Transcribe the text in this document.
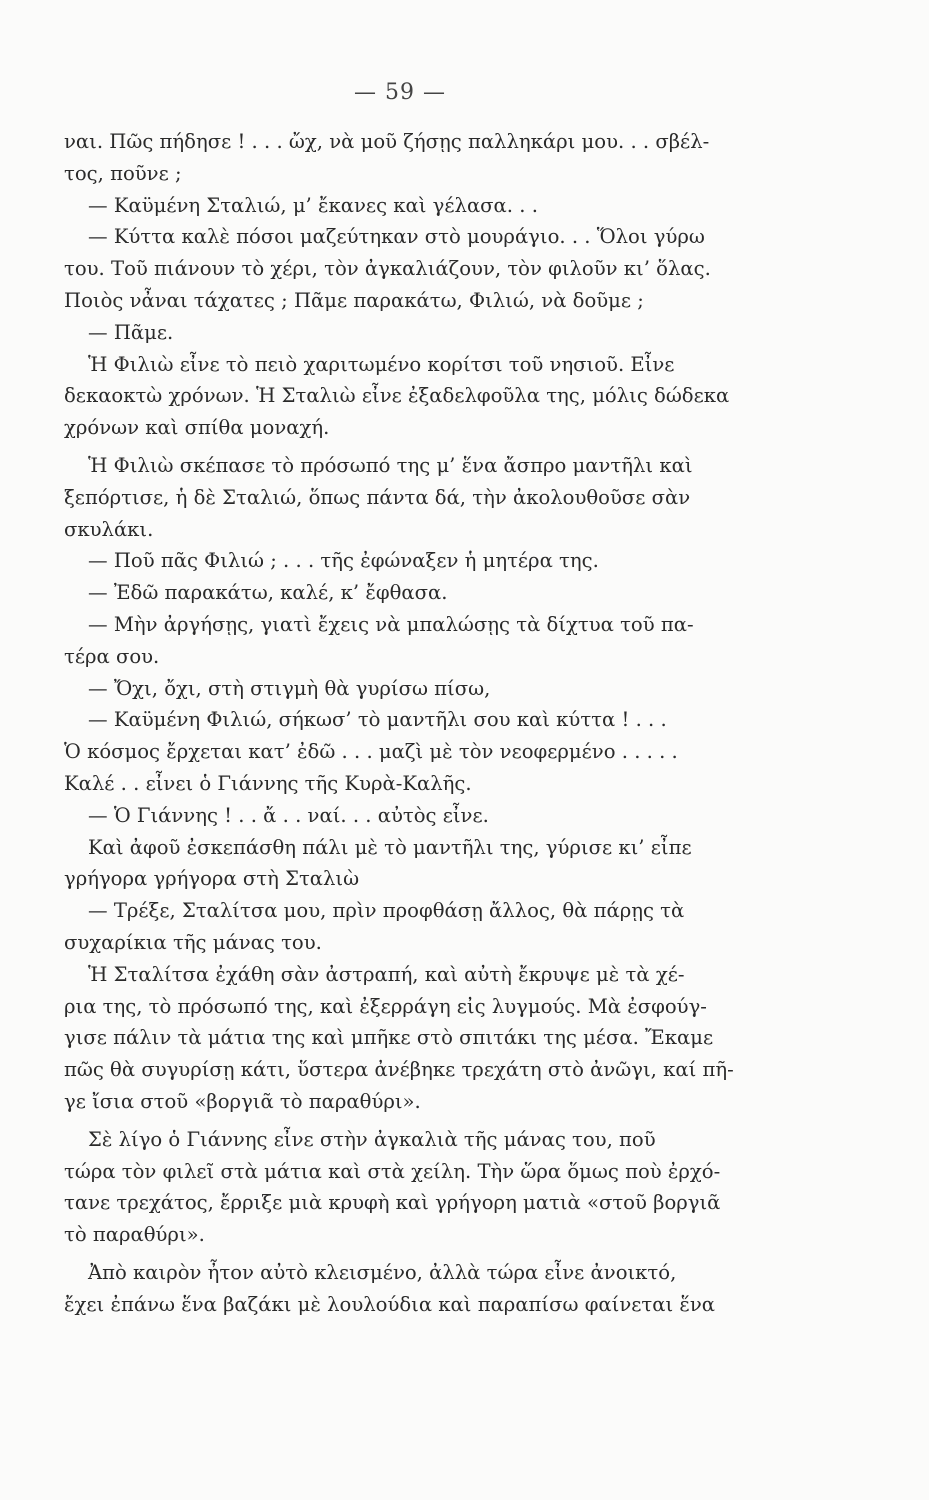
— 59 —
ναι. Πῶς πήδησε ! . . . ὤχ, νὰ μοῦ ζήσῃς παλληκάρι μου. . . σβέλ-
τος, ποῦνε ;
— Καϋμένη Σταλιώ, μ’ ἔκανες καὶ γέλασα. . .
— Κύττα καλὲ πόσοι μαζεύτηκαν στὸ μουράγιο. . . Ὅλοι γύρω
του. Τοῦ πιάνουν τὸ χέρι, τὸν ἀγκαλιάζουν, τὸν φιλοῦν κι’ ὅλας.
Ποιὸς νἆναι τάχατες ; Πᾶμε παρακάτω, Φιλιώ, νὰ δοῦμε ;
— Πᾶμε.
Ἡ Φιλιὼ εἶνε τὸ πειὸ χαριτωμένο κορίτσι τοῦ νησιοῦ. Εἶνε
δεκαοκτὼ χρόνων. Ἡ Σταλιὼ εἶνε ἐξαδελφοῦλα της, μόλις δώδεκα
χρόνων καὶ σπίθα μοναχή.
Ἡ Φιλιὼ σκέπασε τὸ πρόσωπό της μ’ ἕνα ἄσπρο μαντῆλι καὶ
ξεπόρτισε, ἡ δὲ Σταλιώ, ὅπως πάντα δά, τὴν ἀκολουθοῦσε σὰν
σκυλάκι.
— Ποῦ πᾶς Φιλιώ ; . . . τῆς ἐφώναξεν ἡ μητέρα της.
— Ἐδῶ παρακάτω, καλέ, κ’ ἔφθασα.
— Μὴν ἀργήσῃς, γιατὶ ἔχεις νὰ μπαλώσῃς τὰ δίχτυα τοῦ πα-
τέρα σου.
— Ὄχι, ὄχι, στὴ στιγμὴ θὰ γυρίσω πίσω,
— Καϋμένη Φιλιώ, σήκωσ’ τὸ μαντῆλι σου καὶ κύττα ! . . .
Ὁ κόσμος ἔρχεται κατ’ ἐδῶ . . . μαζὶ μὲ τὸν νεοφερμένο . . . . .
Καλέ . . εἶνει ὁ Γιάννης τῆς Κυρὰ-Καλῆς.
— Ὁ Γιάννης ! . . ἄ . . ναί. . . αὐτὸς εἶνε.
Καὶ ἀφοῦ ἐσκεπάσθη πάλι μὲ τὸ μαντῆλι της, γύρισε κι’ εἶπε
γρήγορα γρήγορα στὴ Σταλιὼ
— Τρέξε, Σταλίτσα μου, πρὶν προφθάσῃ ἄλλος, θὰ πάρῃς τὰ
συχαρίκια τῆς μάνας του.
Ἡ Σταλίτσα ἐχάθη σὰν ἀστραπή, καὶ αὐτὴ ἔκρυψε μὲ τὰ χέ-
ρια της, τὸ πρόσωπό της, καὶ ἐξερράγη εἰς λυγμούς. Μὰ ἐσφούγ-
γισε πάλιν τὰ μάτια της καὶ μπῆκε στὸ σπιτάκι της μέσα. Ἔκαμε
πῶς θὰ συγυρίσῃ κάτι, ὕστερα ἀνέβηκε τρεχάτη στὸ ἀνῶγι, καί πῆ-
γε ἴσια στοῦ «βοργιᾶ τὸ παραθύρι».
Σὲ λίγο ὁ Γιάννης εἶνε στὴν ἀγκαλιὰ τῆς μάνας του, ποῦ
τώρα τὸν φιλεῖ στὰ μάτια καὶ στὰ χείλη. Τὴν ὥρα ὅμως ποὺ ἐρχό-
τανε τρεχάτος, ἔρριξε μιὰ κρυφὴ καὶ γρήγορη ματιὰ «στοῦ βοργιᾶ
τὸ παραθύρι».
Ἀπὸ καιρὸν ἦτον αὐτὸ κλεισμένο, ἀλλὰ τώρα εἶνε ἀνοικτό,
ἔχει ἐπάνω ἕνα βαζάκι μὲ λουλούδια καὶ παραπίσω φαίνεται ἕνα
